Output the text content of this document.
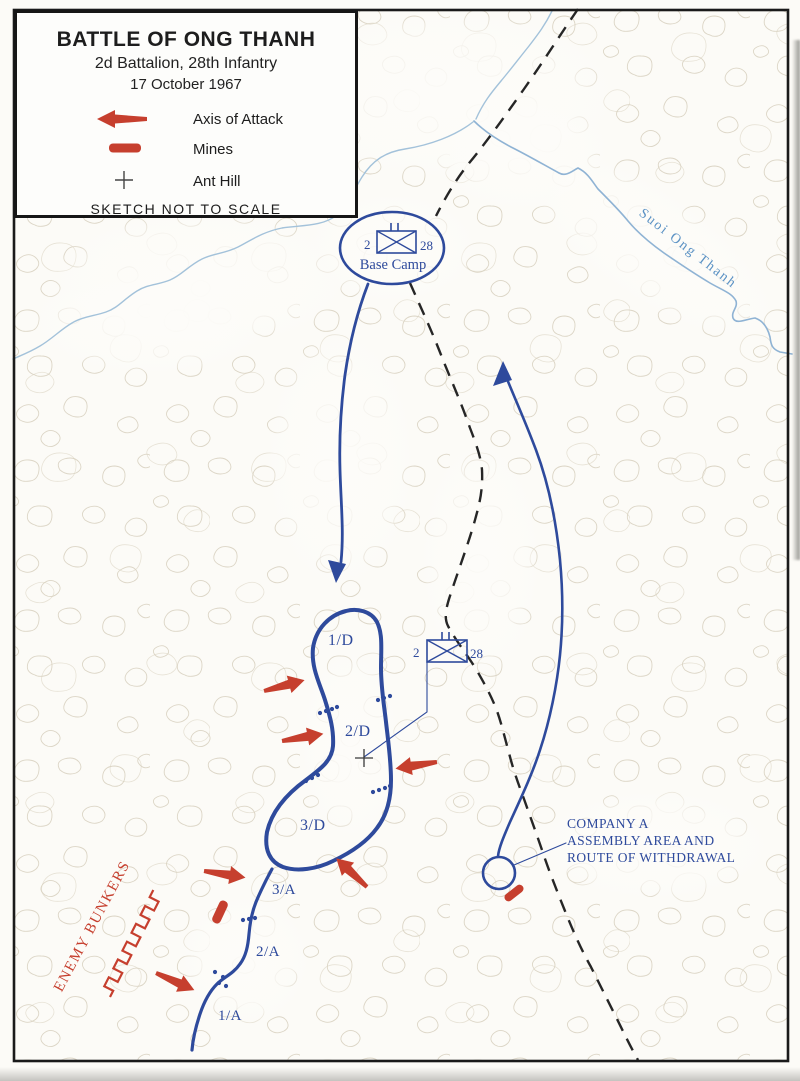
2	28
Base Camp
2	28
Suoi Ong Thanh
1/D
2/D
3/D
3/A
2/A
1/A
ENEMY BUNKERS
COMPANY A
ASSEMBLY AREA AND
ROUTE OF WITHDRAWAL
BATTLE OF ONG THANH
2d Battalion, 28th Infantry
17 October 1967
Axis of Attack
Mines
Ant Hill
SKETCH NOT TO SCALE
